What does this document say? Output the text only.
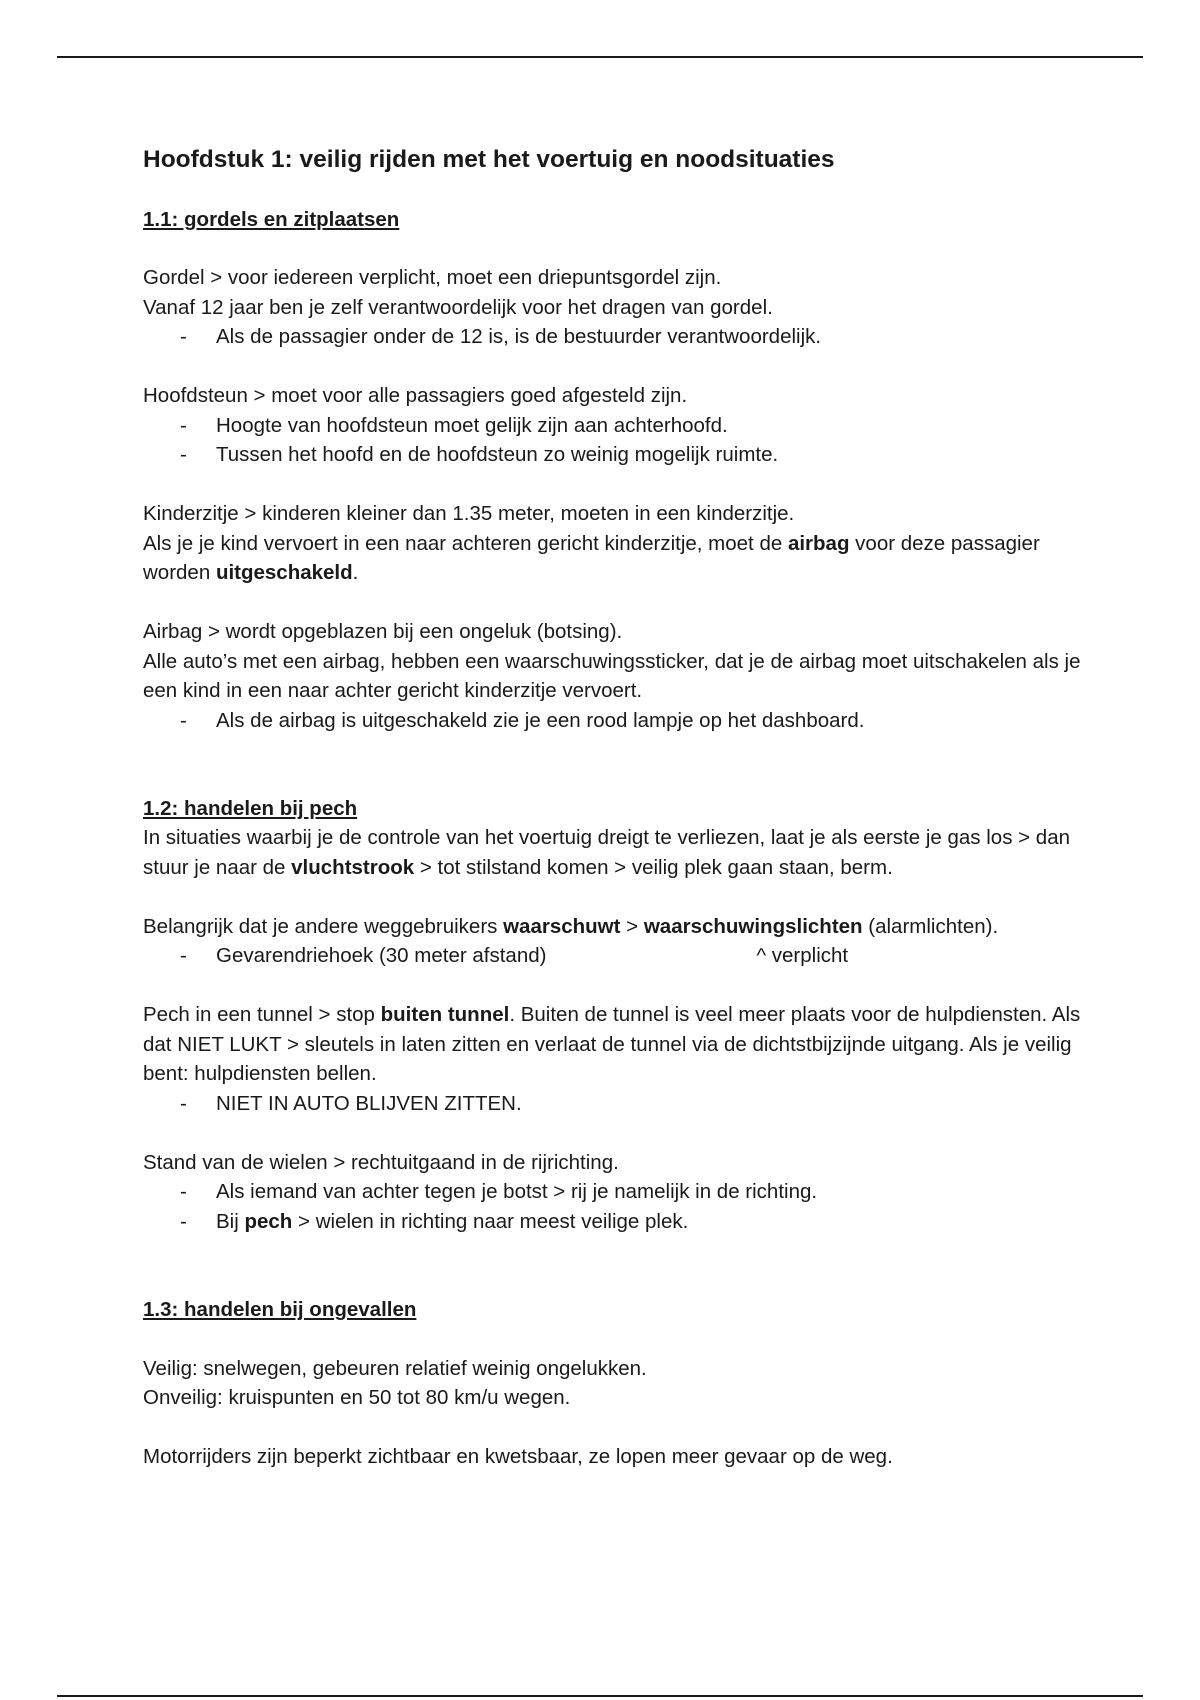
Hoofdstuk 1: veilig rijden met het voertuig en noodsituaties
1.1: gordels en zitplaatsen

Gordel > voor iedereen verplicht, moet een driepuntsgordel zijn.

Vanaf 12 jaar ben je zelf verantwoordelijk voor het dragen van gordel.

- Als de passagier onder de 12 is, is de bestuurder verantwoordelijk.

Hoofdsteun > moet voor alle passagiers goed afgesteld zijn.

- Hoogte van hoofdsteun moet gelijk zijn aan achterhoofd.
- Tussen het hoofd en de hoofdsteun zo weinig mogelijk ruimte.

Kinderzitje > kinderen kleiner dan 1.35 meter, moeten in een kinderzitje.

Als je je kind vervoert in een naar achteren gericht kinderzitje, moet de airbag voor deze passagier worden uitgeschakeld.

Airbag > wordt opgeblazen bij een ongeluk (botsing).

Alle auto’s met een airbag, hebben een waarschuwingssticker, dat je de airbag moet uitschakelen als je een kind in een naar achter gericht kinderzitje vervoert.

- Als de airbag is uitgeschakeld zie je een rood lampje op het dashboard.
1.2: handelen bij pech

In situaties waarbij je de controle van het voertuig dreigt te verliezen, laat je als eerste je gas los > dan stuur je naar de vluchtstrook > tot stilstand komen > veilig plek gaan staan, berm.

Belangrijk dat je andere weggebruikers waarschuwt > waarschuwingslichten (alarmlichten).

- Gevarendriehoek (30 meter afstand)	^ verplicht

Pech in een tunnel > stop buiten tunnel. Buiten de tunnel is veel meer plaats voor de hulpdiensten. Als dat NIET LUKT > sleutels in laten zitten en verlaat de tunnel via de dichtstbijzijnde uitgang. Als je veilig bent: hulpdiensten bellen.

- NIET IN AUTO BLIJVEN ZITTEN.

Stand van de wielen > rechtuitgaand in de rijrichting.

- Als iemand van achter tegen je botst > rij je namelijk in de richting.
- Bij pech > wielen in richting naar meest veilige plek.
1.3: handelen bij ongevallen

Veilig: snelwegen, gebeuren relatief weinig ongelukken.

Onveilig: kruispunten en 50 tot 80 km/u wegen.

Motorrijders zijn beperkt zichtbaar en kwetsbaar, ze lopen meer gevaar op de weg.
